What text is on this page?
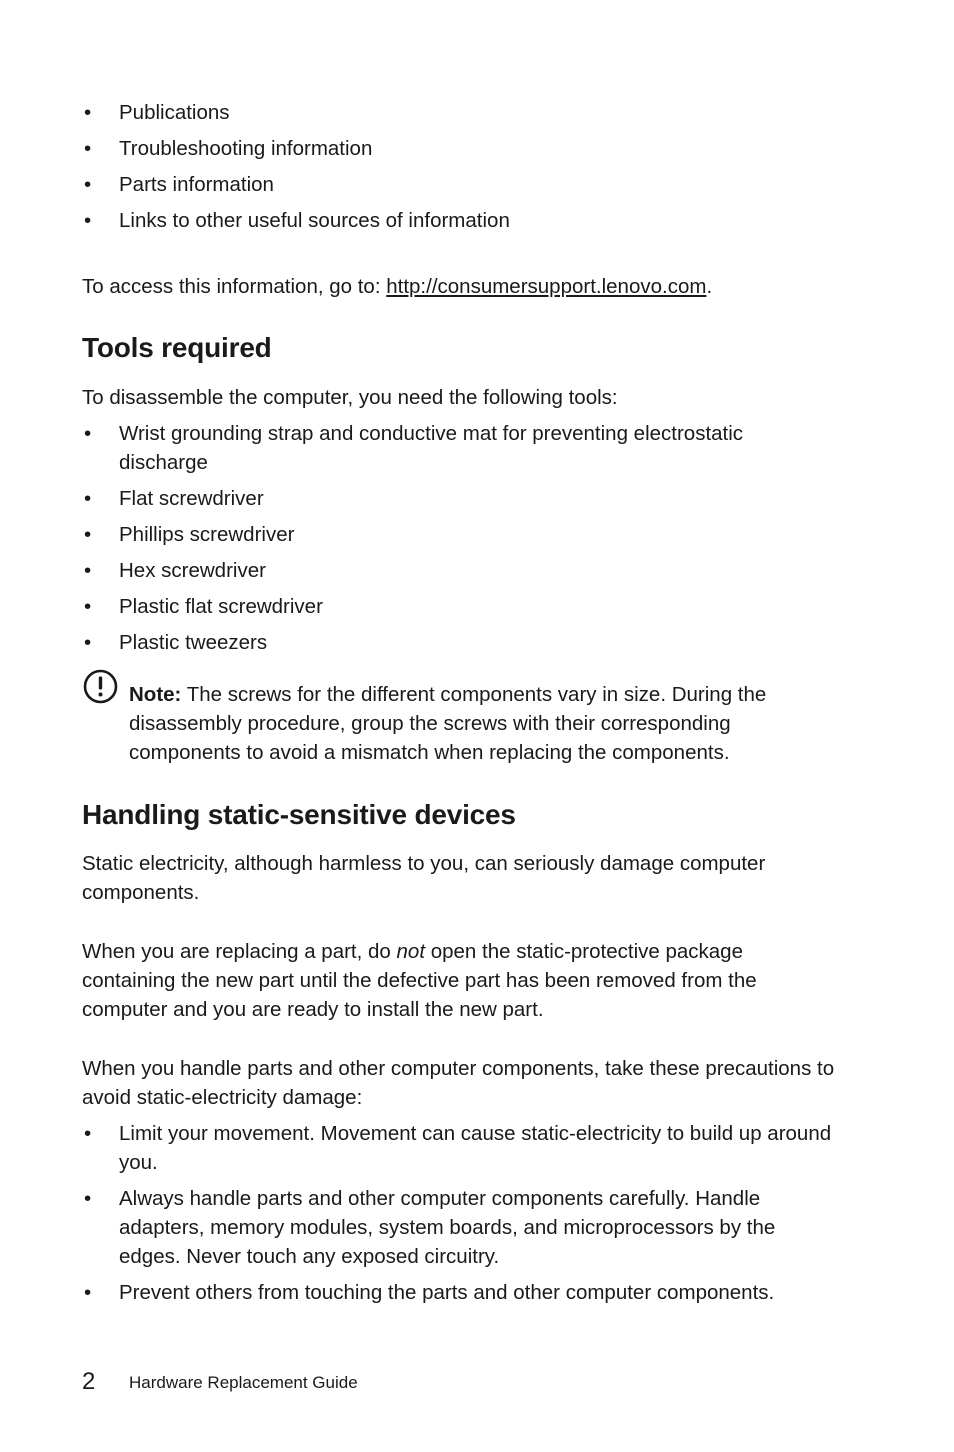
• Publications
• Troubleshooting information
• Parts information
• Links to other useful sources of information

To access this information, go to: http://consumersupport.lenovo.com.

Tools required

To disassemble the computer, you need the following tools:

• Wrist grounding strap and conductive mat for preventing electrostatic discharge
• Flat screwdriver
• Phillips screwdriver
• Hex screwdriver
• Plastic flat screwdriver
• Plastic tweezers

Note: The screws for the different components vary in size. During the disassembly procedure, group the screws with their corresponding components to avoid a mismatch when replacing the components.

Handling static-sensitive devices

Static electricity, although harmless to you, can seriously damage computer components.

When you are replacing a part, do not open the static-protective package containing the new part until the defective part has been removed from the computer and you are ready to install the new part.

When you handle parts and other computer components, take these precautions to avoid static-electricity damage:

• Limit your movement. Movement can cause static-electricity to build up around you.
• Always handle parts and other computer components carefully. Handle adapters, memory modules, system boards, and microprocessors by the edges. Never touch any exposed circuitry.
• Prevent others from touching the parts and other computer components.
2 Hardware Replacement Guide
